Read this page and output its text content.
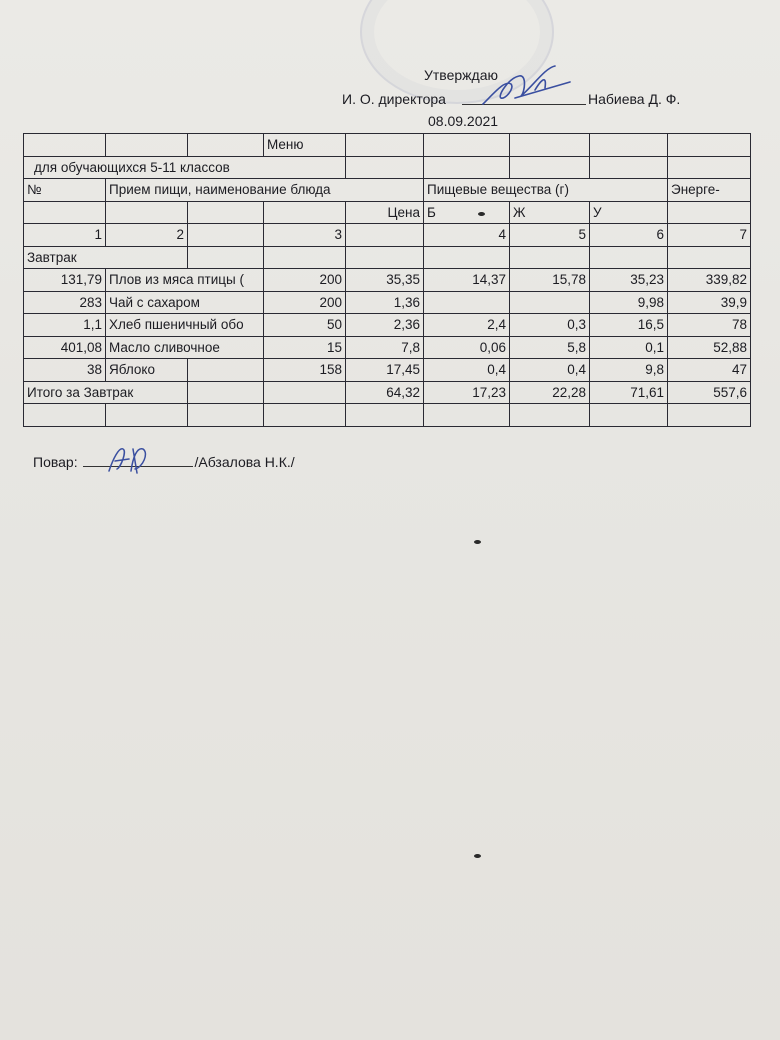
Утверждаю
И. О. директора	Набиева Д. Ф.
08.09.2021
			Меню					
для обучающихся 5-11 классов								
№	Прием пищи, наименование блюда				Пищевые вещества (г)			Энерге-
				Цена	Б	Ж	У	
1	2		3		4	5	6	7
Завтрак								
131,79	Плов из мяса птицы (		200	35,35	14,37	15,78	35,23	339,82
283	Чай с сахаром		200	1,36			9,98	39,9
1,1	Хлеб пшеничный обо		50	2,36	2,4	0,3	16,5	78
401,08	Масло сливочное		15	7,8	0,06	5,8	0,1	52,88
38	Яблоко		158	17,45	0,4	0,4	9,8	47
Итого за Завтрак				64,32	17,23	22,28	71,61	557,6

Повар:	/Абзалова Н.К./
